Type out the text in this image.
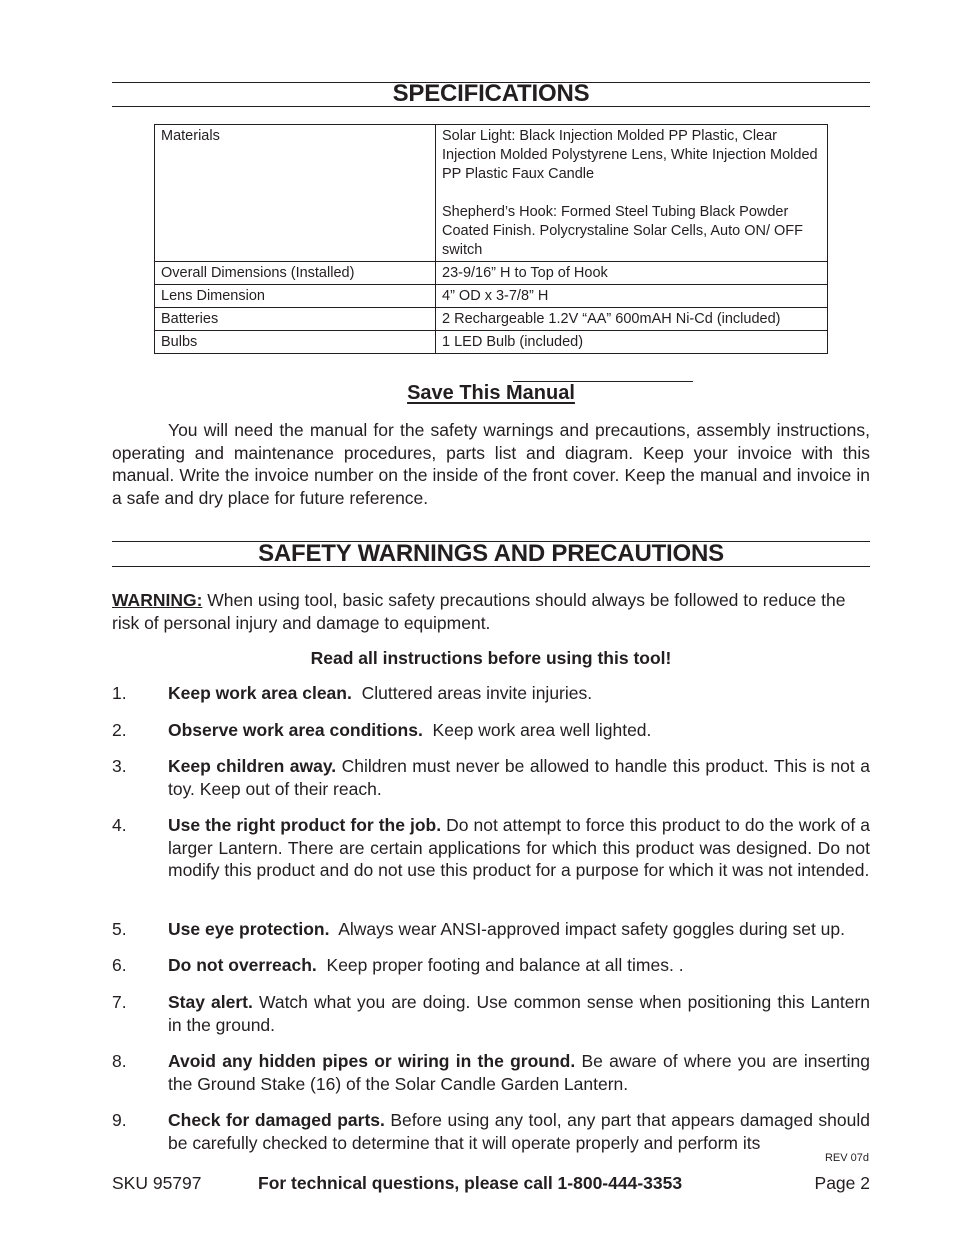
SPECIFICATIONS
Materials	Solar Light: Black Injection Molded PP Plastic, Clear Injection Molded Polystyrene Lens, White Injection Molded PP Plastic Faux Candle
Shepherd’s Hook: Formed Steel Tubing Black Powder Coated Finish. Polycrystaline Solar Cells, Auto ON/ OFF switch

Overall Dimensions (Installed)	23-9/16” H to Top of Hook
Lens Dimension	4” OD x 3-7/8” H
Batteries	2 Rechargeable 1.2V “AA” 600mAH Ni-Cd (included)
Bulbs	1 LED Bulb (included)
Save This Manual
You will need the manual for the safety warnings and precautions, assembly instructions, operating and maintenance procedures, parts list and diagram. Keep your invoice with this manual. Write the invoice number on the inside of the front cover. Keep the manual and invoice in a safe and dry place for future reference.
SAFETY WARNINGS AND PRECAUTIONS
WARNING: When using tool, basic safety precautions should always be followed to reduce the risk of personal injury and damage to equipment.
Read all instructions before using this tool!
1.	Keep work area clean.  Cluttered areas invite injuries.
2.	Observe work area conditions.  Keep work area well lighted.
3.	Keep children away. Children must never be allowed to handle this product. This is not a toy. Keep out of their reach.
4.	Use the right product for the job. Do not attempt to force this product to do the work of a larger Lantern. There are certain applications for which this product was designed. Do not modify this product and do not use this product for a purpose for which it was not intended.
5.	Use eye protection.  Always wear ANSI-approved impact safety goggles during set up.
6.	Do not overreach.  Keep proper footing and balance at all times. .
7.	Stay alert. Watch what you are doing. Use common sense when positioning this Lantern in the ground.
8.	Avoid any hidden pipes or wiring in the ground. Be aware of where you are inserting the Ground Stake (16) of the Solar Candle Garden Lantern.
9.	Check for damaged parts. Before using any tool, any part that appears damaged should be carefully checked to determine that it will operate properly and perform its
REV 07d
SKU 95797	For technical questions, please call 1-800-444-3353	Page 2
